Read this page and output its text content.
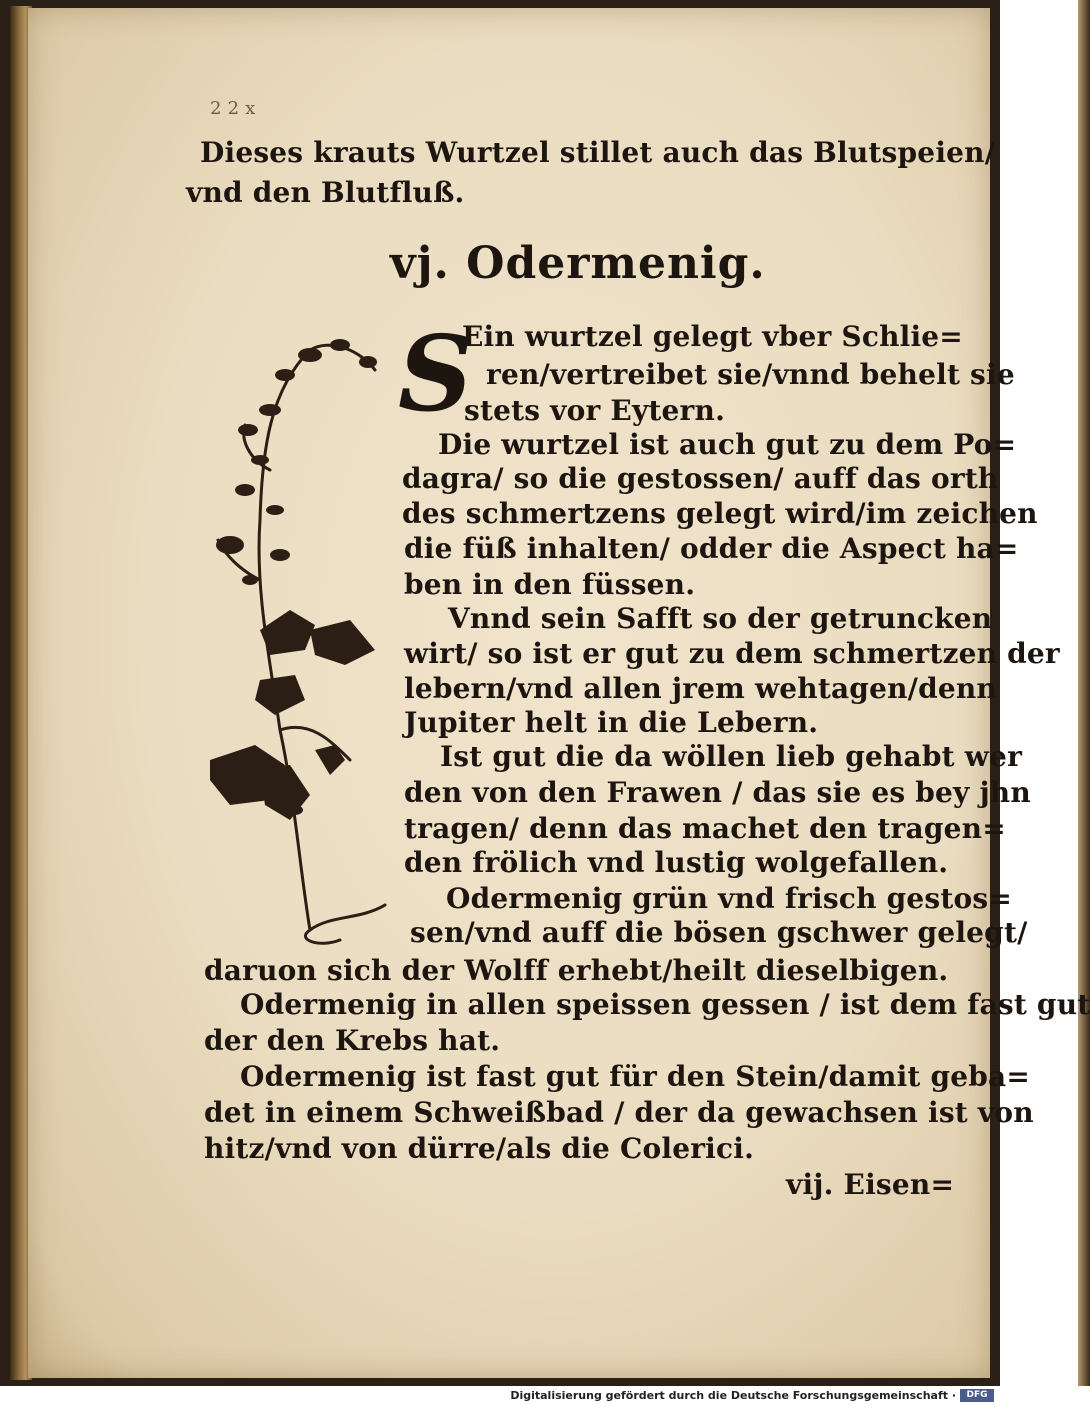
2 2 x
Dieses krauts Wurtzel stillet auch das Blutspeien/
vnd den Blutfluß.
vj. Odermenig.
S
Ein wurtzel gelegt vber Schlie=
ren/vertreibet sie/vnnd behelt sie
stets vor Eytern.
Die wurtzel ist auch gut zu dem Po=
dagra/ so die gestossen/ auff das orth
des schmertzens gelegt wird/im zeichen
die füß inhalten/ odder die Aspect ha=
ben in den füssen.
Vnnd sein Safft so der getruncken
wirt/ so ist er gut zu dem schmertzen der
lebern/vnd allen jrem wehtagen/denn
Jupiter helt in die Lebern.
Ist gut die da wöllen lieb gehabt wer
den von den Frawen / das sie es bey jhn
tragen/ denn das machet den tragen=
den frölich vnd lustig wolgefallen.
Odermenig grün vnd frisch gestos=
sen/vnd auff die bösen gschwer gelegt/
daruon sich der Wolff erhebt/heilt dieselbigen.
Odermenig in allen speissen gessen / ist dem fast gut
der den Krebs hat.
Odermenig ist fast gut für den Stein/damit geba=
det in einem Schweißbad / der da gewachsen ist von
hitz/vnd von dürre/als die Colerici.
vij. Eisen=
Digitalisierung gefördert durch die Deutsche Forschungsgemeinschaft ·	DFG
